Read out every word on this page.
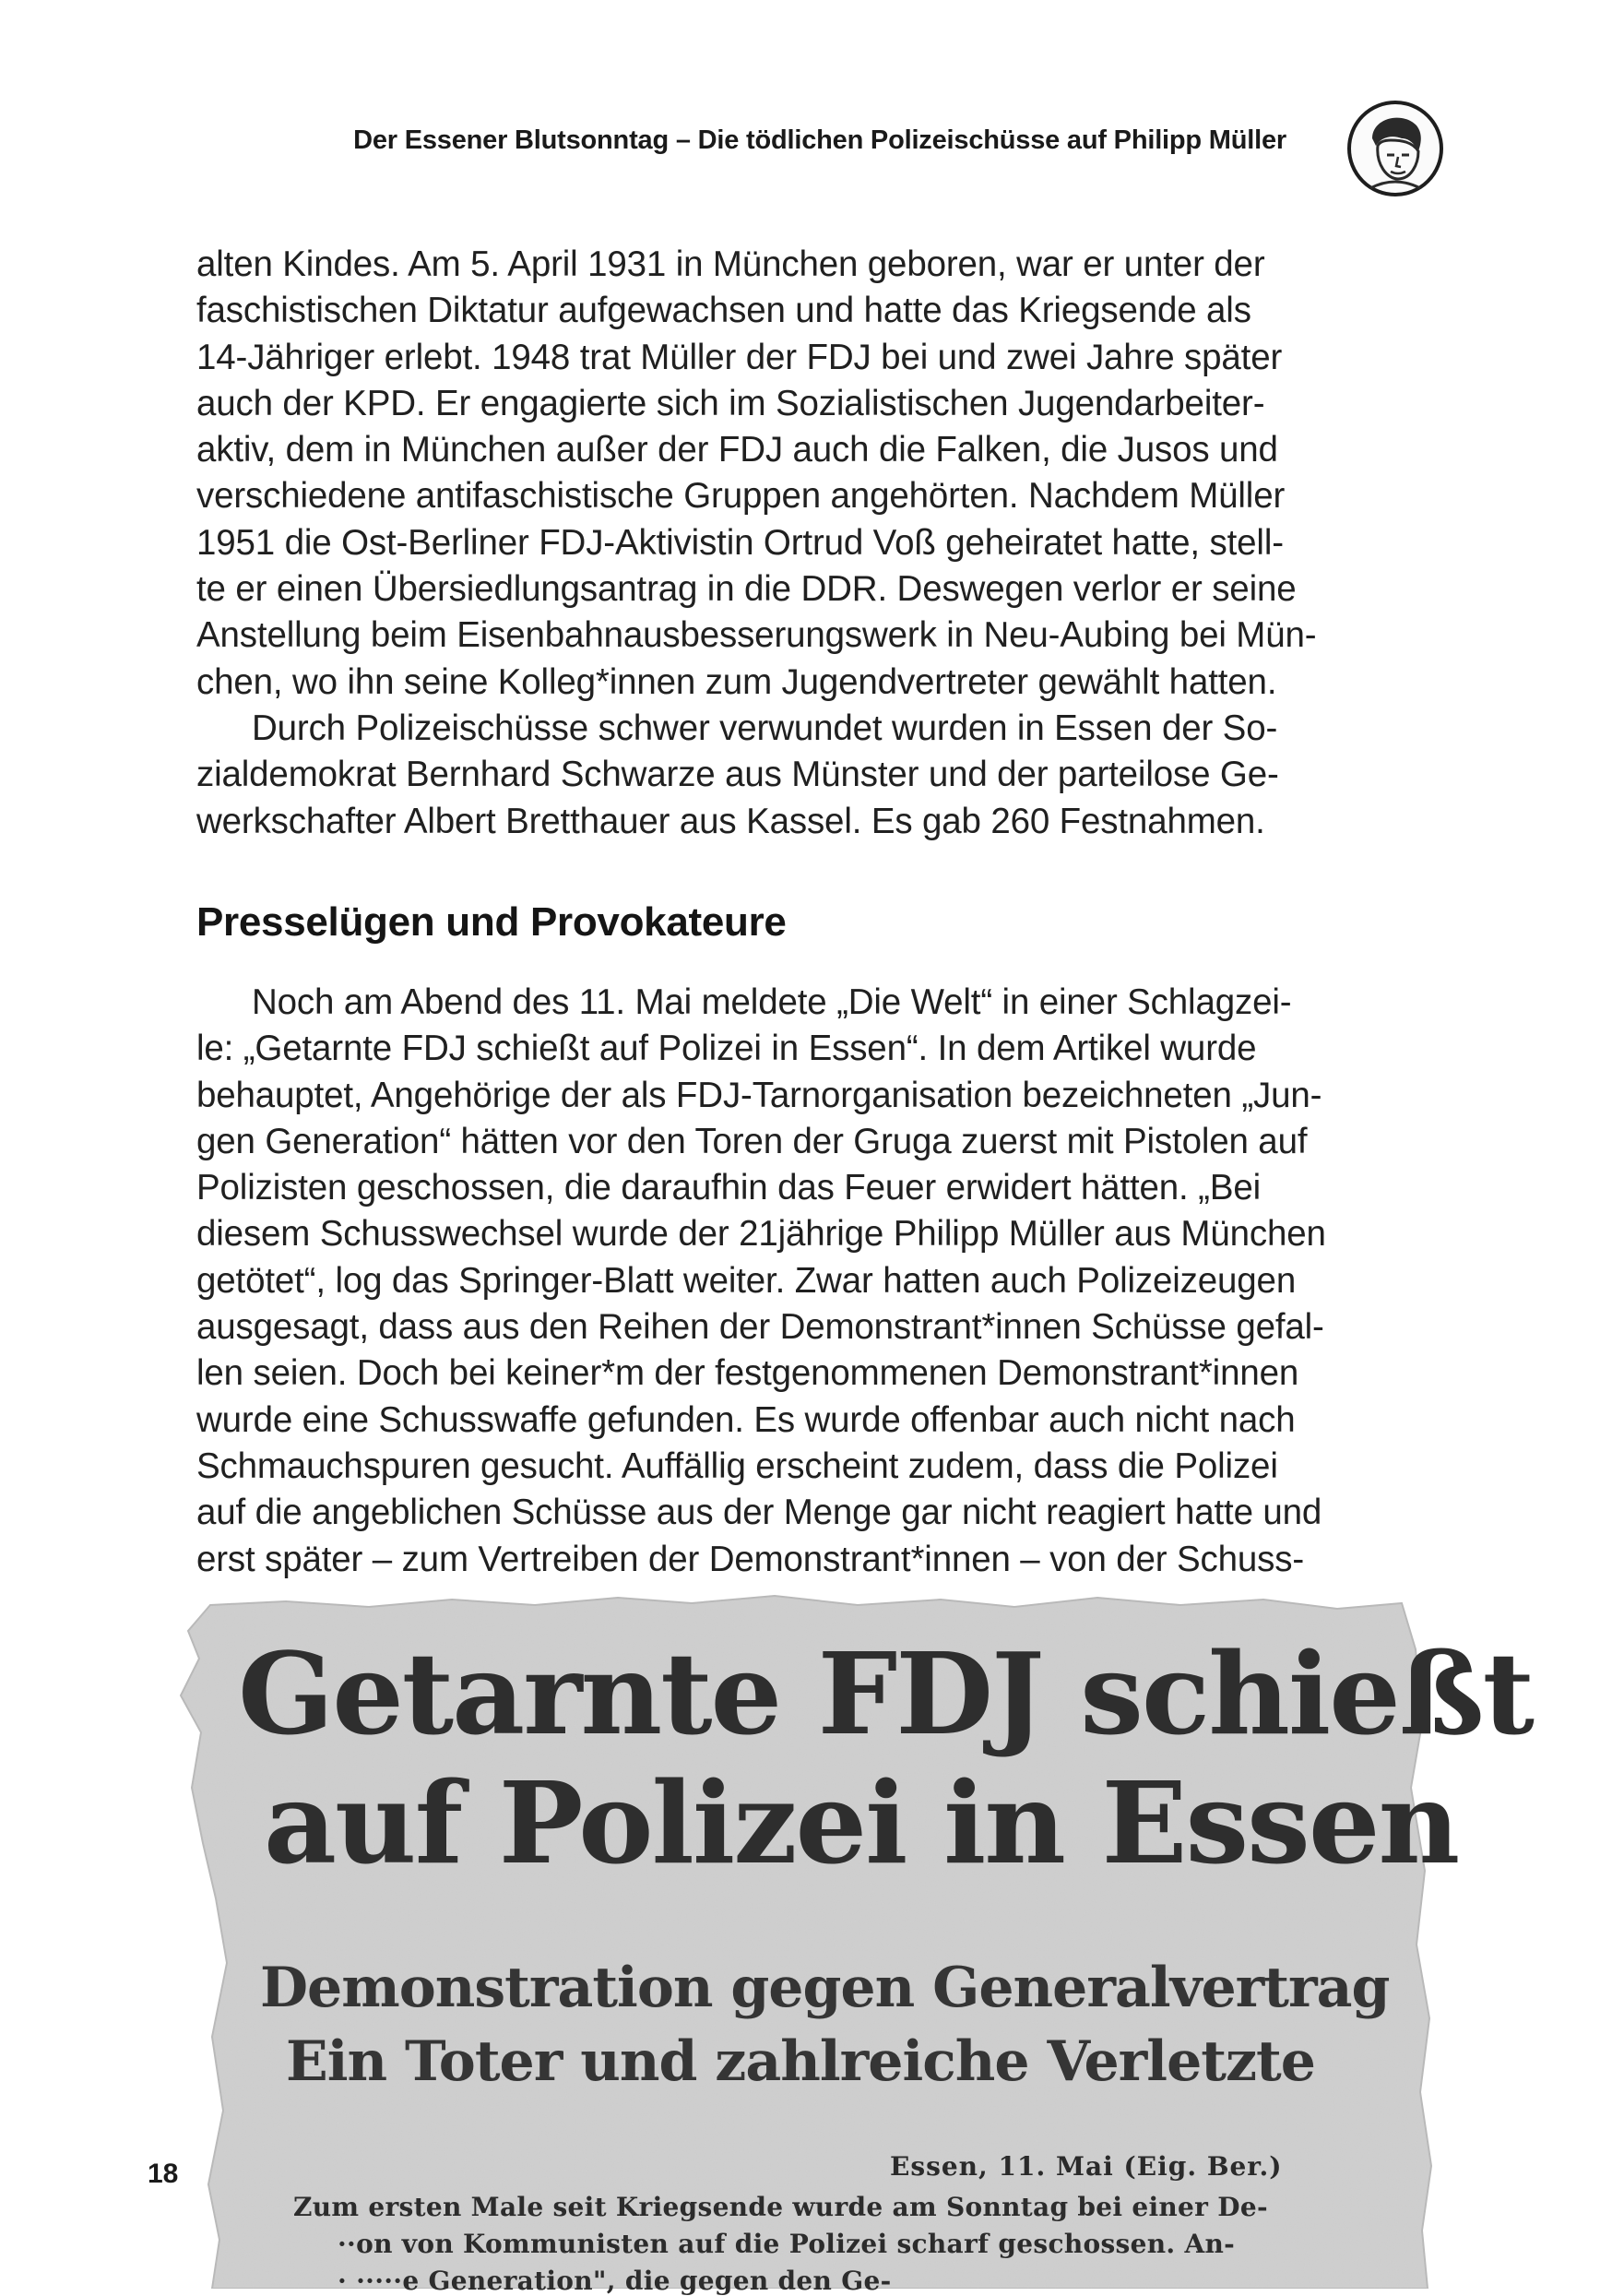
Der Essener Blutsonntag – Die tödlichen Polizeischüsse auf Philipp Müller
alten Kindes. Am 5. April 1931 in München geboren, war er unter der
faschistischen Diktatur aufgewachsen und hatte das Kriegsende als
14-Jähriger erlebt. 1948 trat Müller der FDJ bei und zwei Jahre später
auch der KPD. Er engagierte sich im Sozialistischen Jugendarbeiter-
aktiv, dem in München außer der FDJ auch die Falken, die Jusos und
verschiedene antifaschistische Gruppen angehörten. Nachdem Müller
1951 die Ost-Berliner FDJ-Aktivistin Ortrud Voß geheiratet hatte, stell-
te er einen Übersiedlungsantrag in die DDR. Deswegen verlor er seine
Anstellung beim Eisenbahnausbesserungswerk in Neu-Aubing bei Mün-
chen, wo ihn seine Kolleg*innen zum Jugendvertreter gewählt hatten.
Durch Polizeischüsse schwer verwundet wurden in Essen der So-
zialdemokrat Bernhard Schwarze aus Münster und der parteilose Ge-
werkschafter Albert Bretthauer aus Kassel. Es gab 260 Festnahmen.
Presselügen und Provokateure
Noch am Abend des 11. Mai meldete „Die Welt“ in einer Schlagzei-
le: „Getarnte FDJ schießt auf Polizei in Essen“. In dem Artikel wurde
behauptet, Angehörige der als FDJ-Tarnorganisation bezeichneten „Jun-
gen Generation“ hätten vor den Toren der Gruga zuerst mit Pistolen auf
Polizisten geschossen, die daraufhin das Feuer erwidert hätten. „Bei
diesem Schusswechsel wurde der 21jährige Philipp Müller aus München
getötet“, log das Springer-Blatt weiter. Zwar hatten auch Polizeizeugen
ausgesagt, dass aus den Reihen der Demonstrant*innen Schüsse gefal-
len seien. Doch bei keiner*m der festgenommenen Demonstrant*innen
wurde eine Schusswaffe gefunden. Es wurde offenbar auch nicht nach
Schmauchspuren gesucht. Auffällig erscheint zudem, dass die Polizei
auf die angeblichen Schüsse aus der Menge gar nicht reagiert hatte und
erst später – zum Vertreiben der Demonstrant*innen – von der Schuss-
Getarnte FDJ schießt
auf Polizei in Essen
Demonstration gegen Generalvertrag
Ein Toter und zahlreiche Verletzte
Essen, 11. Mai (Eig. Ber.)
Zum ersten Male seit Kriegsende wurde am Sonntag bei einer De-
··on von Kommunisten auf die Polizei scharf geschossen. An-
· ·····e Generation", die gegen den Ge-
18
